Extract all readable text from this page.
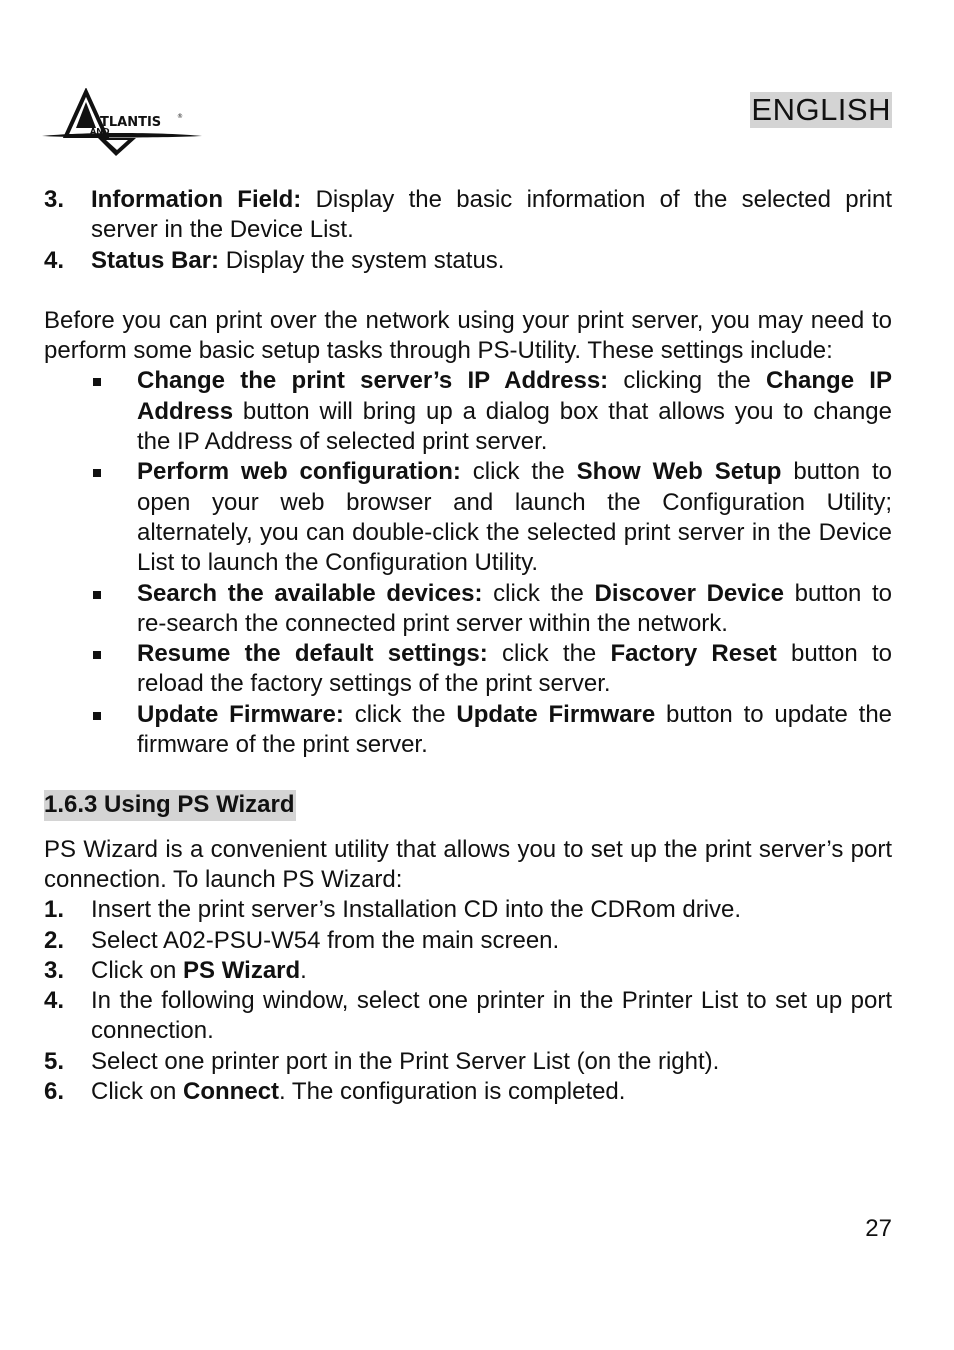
TLANTIS	®
AND
ENGLISH
3. Information Field: Display the basic information of the selected print server in the Device List.
4. Status Bar: Display the system status.

Before you can print over the network using your print server, you may need to perform some basic setup tasks through PS-Utility. These settings include:

Change the print server’s IP Address: clicking the Change IP Address button will bring up a dialog box that allows you to change the IP Address of selected print server.
Perform web configuration: click the Show Web Setup button to open your web browser and launch the Configuration Utility; alternately, you can double-click the selected print server in the Device List to launch the Configuration Utility.
Search the available devices: click the Discover Device button to re-search the connected print server within the network.
Resume the default settings: click the Factory Reset button to reload the factory settings of the print server.
Update Firmware: click the Update Firmware button to update the firmware of the print server.
1.6.3 Using PS Wizard

PS Wizard is a convenient utility that allows you to set up the print server’s port connection. To launch PS Wizard:

1. Insert the print server’s Installation CD into the CDRom drive.
2. Select A02-PSU-W54 from the main screen.
3. Click on PS Wizard.
4. In the following window, select one printer in the Printer List to set up port connection.
5. Select one printer port in the Print Server List (on the right).
6. Click on Connect. The configuration is completed.
27
